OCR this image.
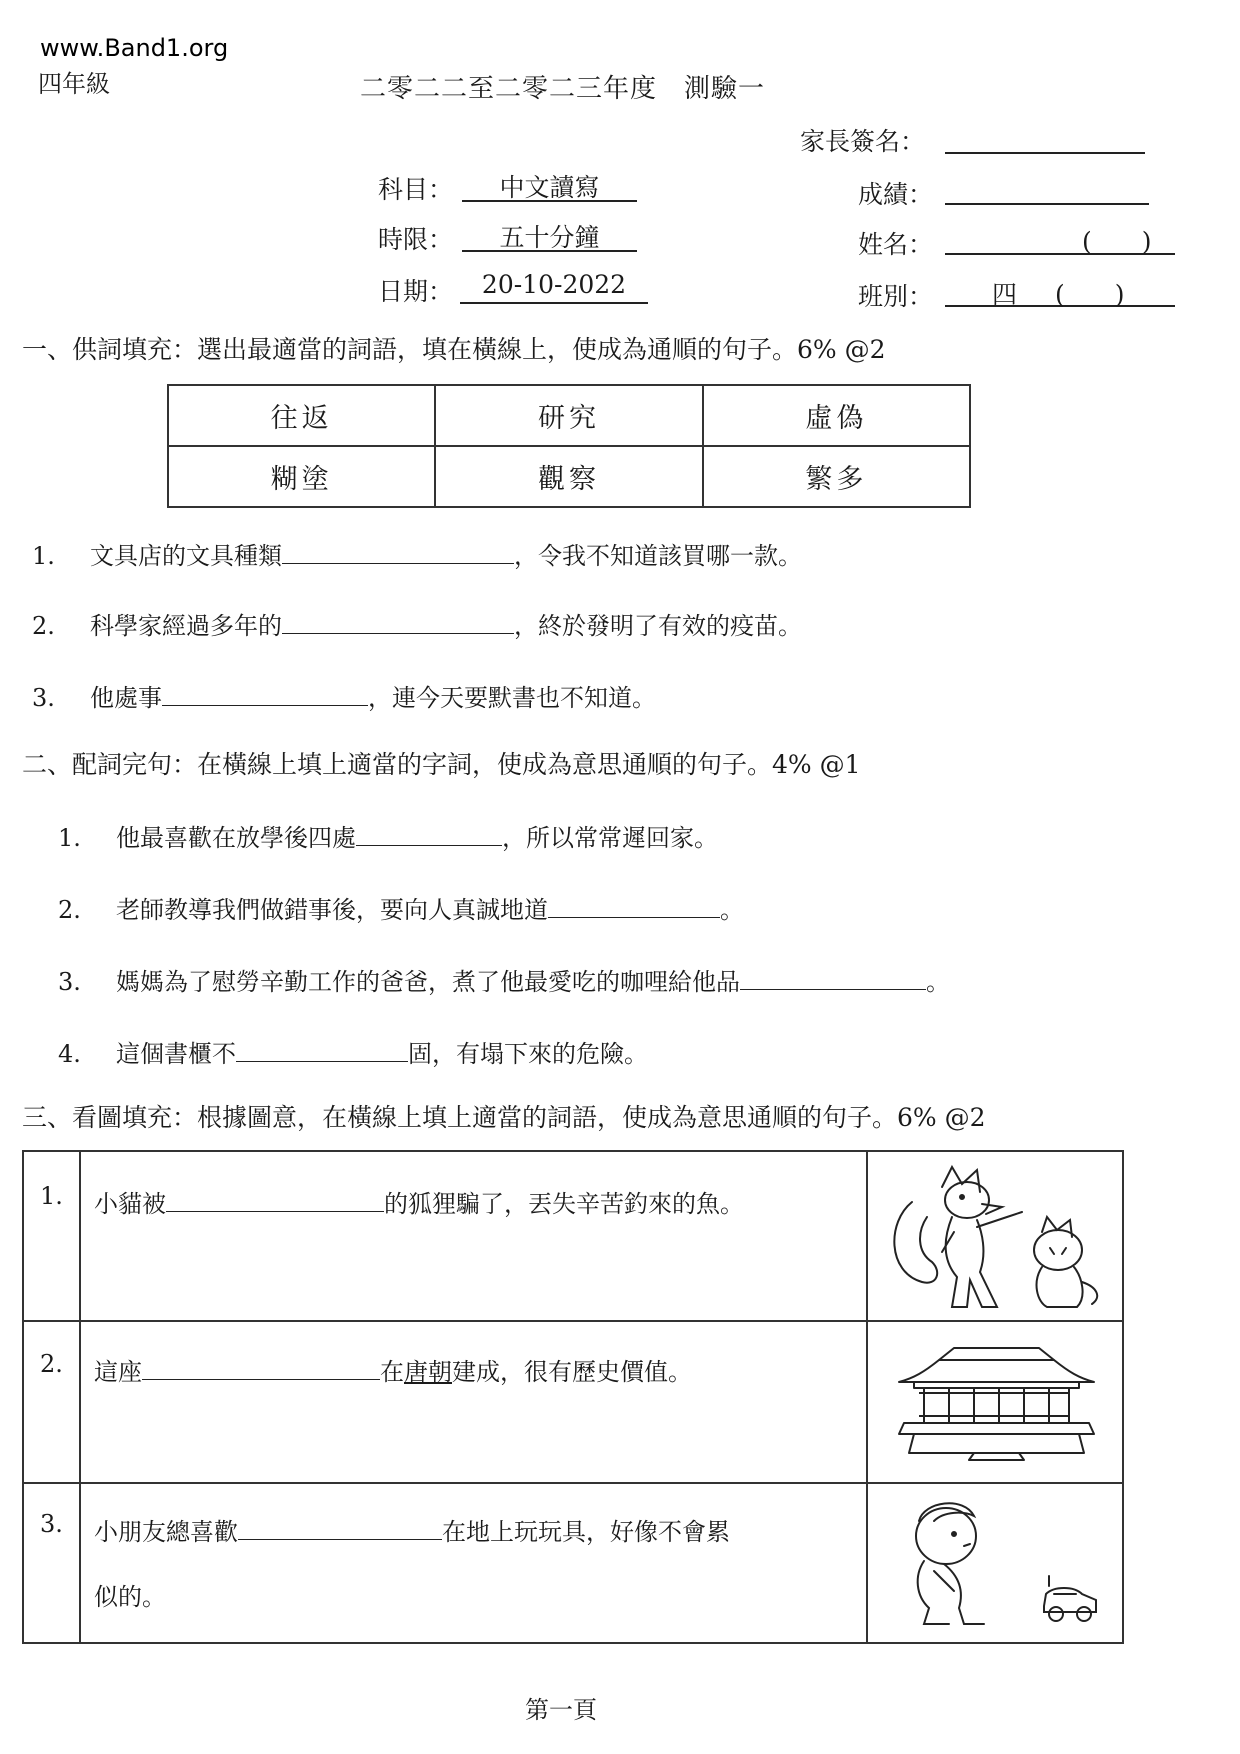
www.Band1.org
四年級	二零二二至二零二三年度　測驗一
家長簽名：
科目：	中文讀寫	成績：
時限：	五十分鐘	姓名：	(　　)
日期：	20-10-2022	班別： 四 (　　)
一、供詞填充：選出最適當的詞語，填在橫線上，使成為通順的句子。6% @2
往返	研究	虛偽
糊塗	觀察	繁多
1. 文具店的文具種類	，令我不知道該買哪一款。
2. 科學家經過多年的	，終於發明了有效的疫苗。
3. 他處事	，連今天要默書也不知道。
二、配詞完句：在橫線上填上適當的字詞，使成為意思通順的句子。4% @1
1. 他最喜歡在放學後四處	，所以常常遲回家。
2. 老師教導我們做錯事後，要向人真誠地道	。
3. 媽媽為了慰勞辛勤工作的爸爸，煮了他最愛吃的咖哩給他品	。
4. 這個書櫃不	固，有塌下來的危險。
三、看圖填充：根據圖意，在橫線上填上適當的詞語，使成為意思通順的句子。6% @2
1. 小貓被	的狐狸騙了，丟失辛苦釣來的魚。
2. 這座	在唐朝建成，很有歷史價值。
3. 小朋友總喜歡	在地上玩玩具，好像不會累
似的。
第一頁
